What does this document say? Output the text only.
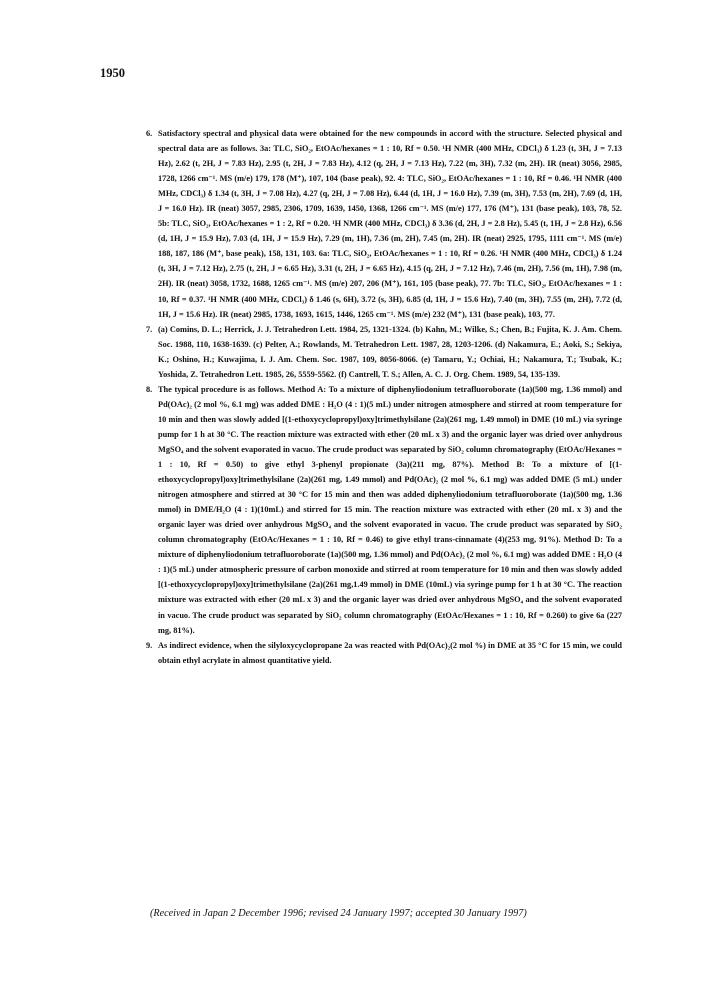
1950

6. Satisfactory spectral and physical data were obtained for the new compounds in accord with the structure. Selected physical and spectral data are as follows. 3a: TLC, SiO₂, EtOAc/hexanes = 1 : 10, Rf = 0.50. ¹H NMR (400 MHz, CDCl₃) δ 1.23 (t, 3H, J = 7.13 Hz), 2.62 (t, 2H, J = 7.83 Hz), 2.95 (t, 2H, J = 7.83 Hz), 4.12 (q, 2H, J = 7.13 Hz), 7.22 (m, 3H), 7.32 (m, 2H). IR (neat) 3056, 2985, 1728, 1266 cm⁻¹. MS (m/e) 179, 178 (M⁺), 107, 104 (base peak), 92. 4: TLC, SiO₂, EtOAc/hexanes = 1 : 10, Rf = 0.46. ¹H NMR (400 MHz, CDCl₃) δ 1.34 (t, 3H, J = 7.08 Hz), 4.27 (q, 2H, J = 7.08 Hz), 6.44 (d, 1H, J = 16.0 Hz), 7.39 (m, 3H), 7.53 (m, 2H), 7.69 (d, 1H, J = 16.0 Hz). IR (neat) 3057, 2985, 2306, 1709, 1639, 1450, 1368, 1266 cm⁻¹. MS (m/e) 177, 176 (M⁺), 131 (base peak), 103, 78, 52. 5b: TLC, SiO₂, EtOAc/hexanes = 1 : 2, Rf = 0.20. ¹H NMR (400 MHz, CDCl₃) δ 3.36 (d, 2H, J = 2.8 Hz), 5.45 (t, 1H, J = 2.8 Hz), 6.56 (d, 1H, J = 15.9 Hz), 7.03 (d, 1H, J = 15.9 Hz), 7.29 (m, 1H), 7.36 (m, 2H), 7.45 (m, 2H). IR (neat) 2925, 1795, 1111 cm⁻¹. MS (m/e) 188, 187, 186 (M⁺, base peak), 158, 131, 103. 6a: TLC, SiO₂, EtOAc/hexanes = 1 : 10, Rf = 0.26. ¹H NMR (400 MHz, CDCl₃) δ 1.24 (t, 3H, J = 7.12 Hz), 2.75 (t, 2H, J = 6.65 Hz), 3.31 (t, 2H, J = 6.65 Hz), 4.15 (q, 2H, J = 7.12 Hz), 7.46 (m, 2H), 7.56 (m, 1H), 7.98 (m, 2H). IR (neat) 3058, 1732, 1688, 1265 cm⁻¹. MS (m/e) 207, 206 (M⁺), 161, 105 (base peak), 77. 7b: TLC, SiO₂, EtOAc/hexanes = 1 : 10, Rf = 0.37. ¹H NMR (400 MHz, CDCl₃) δ 1.46 (s, 6H), 3.72 (s, 3H), 6.85 (d, 1H, J = 15.6 Hz), 7.40 (m, 3H), 7.55 (m, 2H), 7.72 (d, 1H, J = 15.6 Hz). IR (neat) 2985, 1738, 1693, 1615, 1446, 1265 cm⁻¹. MS (m/e) 232 (M⁺), 131 (base peak), 103, 77.

7. (a) Comins, D. L.; Herrick, J. J. Tetrahedron Lett. 1984, 25, 1321-1324. (b) Kahn, M.; Wilke, S.; Chen, B.; Fujita, K. J. Am. Chem. Soc. 1988, 110, 1638-1639. (c) Pelter, A.; Rowlands, M. Tetrahedron Lett. 1987, 28, 1203-1206. (d) Nakamura, E.; Aoki, S.; Sekiya, K.; Oshino, H.; Kuwajima, I. J. Am. Chem. Soc. 1987, 109, 8056-8066. (e) Tamaru, Y.; Ochiai, H.; Nakamura, T.; Tsubak, K.; Yoshida, Z. Tetrahedron Lett. 1985, 26, 5559-5562. (f) Cantrell, T. S.; Allen, A. C. J. Org. Chem. 1989, 54, 135-139.

8. The typical procedure is as follows. Method A: To a mixture of diphenyliodonium tetrafluoroborate (1a)(500 mg, 1.36 mmol) and Pd(OAc)₂ (2 mol %, 6.1 mg) was added DME : H₂O (4 : 1)(5 mL) under nitrogen atmosphere and stirred at room temperature for 10 min and then was slowly added [(1-ethoxycyclopropyl)oxy]trimethylsilane (2a)(261 mg, 1.49 mmol) in DME (10 mL) via syringe pump for 1 h at 30 °C. The reaction mixture was extracted with ether (20 mL x 3) and the organic layer was dried over anhydrous MgSO₄ and the solvent evaporated in vacuo. The crude product was separated by SiO₂ column chromatography (EtOAc/Hexanes = 1 : 10, Rf = 0.50) to give ethyl 3-phenyl propionate (3a)(211 mg, 87%). Method B: To a mixture of [(1-ethoxycyclopropyl)oxy]trimethylsilane (2a)(261 mg, 1.49 mmol) and Pd(OAc)₂ (2 mol %, 6.1 mg) was added DME (5 mL) under nitrogen atmosphere and stirred at 30 °C for 15 min and then was added diphenyliodonium tetrafluoroborate (1a)(500 mg, 1.36 mmol) in DME/H₂O (4 : 1)(10mL) and stirred for 15 min. The reaction mixture was extracted with ether (20 mL x 3) and the organic layer was dried over anhydrous MgSO₄ and the solvent evaporated in vacuo. The crude product was separated by SiO₂ column chromatography (EtOAc/Hexanes = 1 : 10, Rf = 0.46) to give ethyl trans-cinnamate (4)(253 mg, 91%). Method D: To a mixture of diphenyliodonium tetrafluoroborate (1a)(500 mg, 1.36 mmol) and Pd(OAc)₂ (2 mol %, 6.1 mg) was added DME : H₂O (4 : 1)(5 mL) under atmospheric pressure of carbon monoxide and stirred at room temperature for 10 min and then was slowly added [(1-ethoxycyclopropyl)oxy]trimethylsilane (2a)(261 mg,1.49 mmol) in DME (10mL) via syringe pump for 1 h at 30 °C. The reaction mixture was extracted with ether (20 mL x 3) and the organic layer was dried over anhydrous MgSO₄ and the solvent evaporated in vacuo. The crude product was separated by SiO₂ column chromatography (EtOAc/Hexanes = 1 : 10, Rf = 0.260) to give 6a (227 mg, 81%).

9. As indirect evidence, when the silyloxycyclopropane 2a was reacted with Pd(OAc)₂(2 mol %) in DME at 35 °C for 15 min, we could obtain ethyl acrylate in almost quantitative yield.

(Received in Japan 2 December 1996; revised 24 January 1997; accepted 30 January 1997)
